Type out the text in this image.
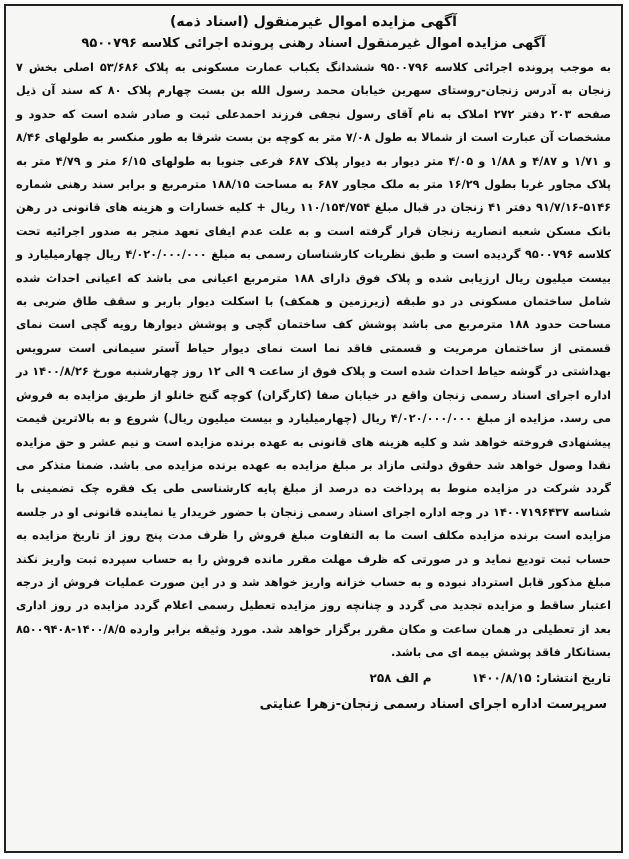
آگهی مزایده اموال غیرمنقول (اسناد ذمه)

آگهی مزایده اموال غیرمنقول اسناد رهنی پرونده اجرائی کلاسه ۹۵۰۰۷۹۶

به موجب پرونده اجرائی کلاسه ۹۵۰۰۷۹۶ ششدانگ یکباب عمارت مسکونی به پلاک ۵۳/۶۸۶ اصلی بخش ۷ زنجان به آدرس زنجان-روستای سهرین خیابان محمد رسول الله بن بست چهارم پلاک ۸۰ که سند آن ذیل صفحه ۲۰۳ دفتر ۲۷۲ املاک به نام آقای رسول نجفی فرزند احمدعلی ثبت و صادر شده است که حدود و مشخصات آن عبارت است از شمالا به طول ۷/۰۸ متر به کوچه بن بست شرقا به طور منکسر به طولهای ۸/۴۶ و ۱/۷۱ و ۴/۸۷ و ۱/۸۸ و ۴/۰۵ متر دیوار به دیوار پلاک ۶۸۷ فرعی جنوبا به طولهای ۶/۱۵ متر و ۴/۷۹ متر به پلاک مجاور غربا بطول ۱۶/۲۹ متر به ملک مجاور ۶۸۷ به مساحت ۱۸۸/۱۵ مترمربع و برابر سند رهنی شماره ۵۱۴۶-۹۱/۷/۱۶ دفتر ۴۱ زنجان در قبال مبلغ ۱۱۰/۱۵۴/۷۵۴ ریال + کلیه خسارات و هزینه های قانونی در رهن بانک مسکن شعبه انصاریه زنجان قرار گرفته است و به علت عدم ایفای تعهد منجر به صدور اجرائیه تحت کلاسه ۹۵۰۰۷۹۶ گردیده است و طبق نظریات کارشناسان رسمی به مبلغ ۴/۰۲۰/۰۰۰/۰۰۰ ریال چهارمیلیارد و بیست میلیون ریال ارزیابی شده و پلاک فوق دارای ۱۸۸ مترمربع اعیانی می باشد که اعیانی احداث شده شامل ساختمان مسکونی در دو طبقه (زیرزمین و همکف) با اسکلت دیوار باربر و سقف طاق ضربی به مساحت حدود ۱۸۸ مترمربع می باشد پوشش کف ساختمان گچی و پوشش دیوارها رویه گچی است نمای قسمتی از ساختمان مرمریت و قسمتی فاقد نما است نمای دیوار حیاط آستر سیمانی است سرویس بهداشتی در گوشه حیاط احداث شده است و پلاک فوق از ساعت ۹ الی ۱۲ روز چهارشنبه مورخ ۱۴۰۰/۸/۲۶ در اداره اجرای اسناد رسمی زنجان واقع در خیابان صفا (کارگران) کوچه گنج خانلو از طریق مزایده به فروش می رسد. مزایده از مبلغ ۴/۰۲۰/۰۰۰/۰۰۰ ریال (چهارمیلیارد و بیست میلیون ریال) شروع و به بالاترین قیمت پیشنهادی فروخته خواهد شد و کلیه هزینه های قانونی به عهده برنده مزایده است و نیم عشر و حق مزایده نقدا وصول خواهد شد حقوق دولتی مازاد بر مبلغ مزایده به عهده برنده مزایده می باشد. ضمنا متذکر می گردد شرکت در مزایده منوط به پرداخت ده درصد از مبلغ پایه کارشناسی طی یک فقره چک تضمینی با شناسه ۱۴۰۰۷۱۹۶۴۳۷ در وجه اداره اجرای اسناد رسمی زنجان با حضور خریدار یا نماینده قانونی او در جلسه مزایده است برنده مزایده مکلف است ما به التفاوت مبلغ فروش را ظرف مدت پنج روز از تاریخ مزایده به حساب ثبت تودیع نماید و در صورتی که ظرف مهلت مقرر مانده فروش را به حساب سپرده ثبت واریز نکند مبلغ مذکور قابل استرداد نبوده و به حساب خزانه واریز خواهد شد و در این صورت عملیات فروش از درجه اعتبار ساقط و مزایده تجدید می گردد و چنانچه روز مزایده تعطیل رسمی اعلام گردد مزایده در روز اداری بعد از تعطیلی در همان ساعت و مکان مقرر برگزار خواهد شد. مورد وثیقه برابر وارده ۱۴۰۰/۸/۵-۸۵۰۰۹۴۰۸ بستانکار فاقد پوشش بیمه ای می باشد.

تاریخ انتشار: ۱۴۰۰/۸/۱۵
م الف ۲۵۸
سرپرست اداره اجرای اسناد رسمی زنجان-زهرا عنایتی
